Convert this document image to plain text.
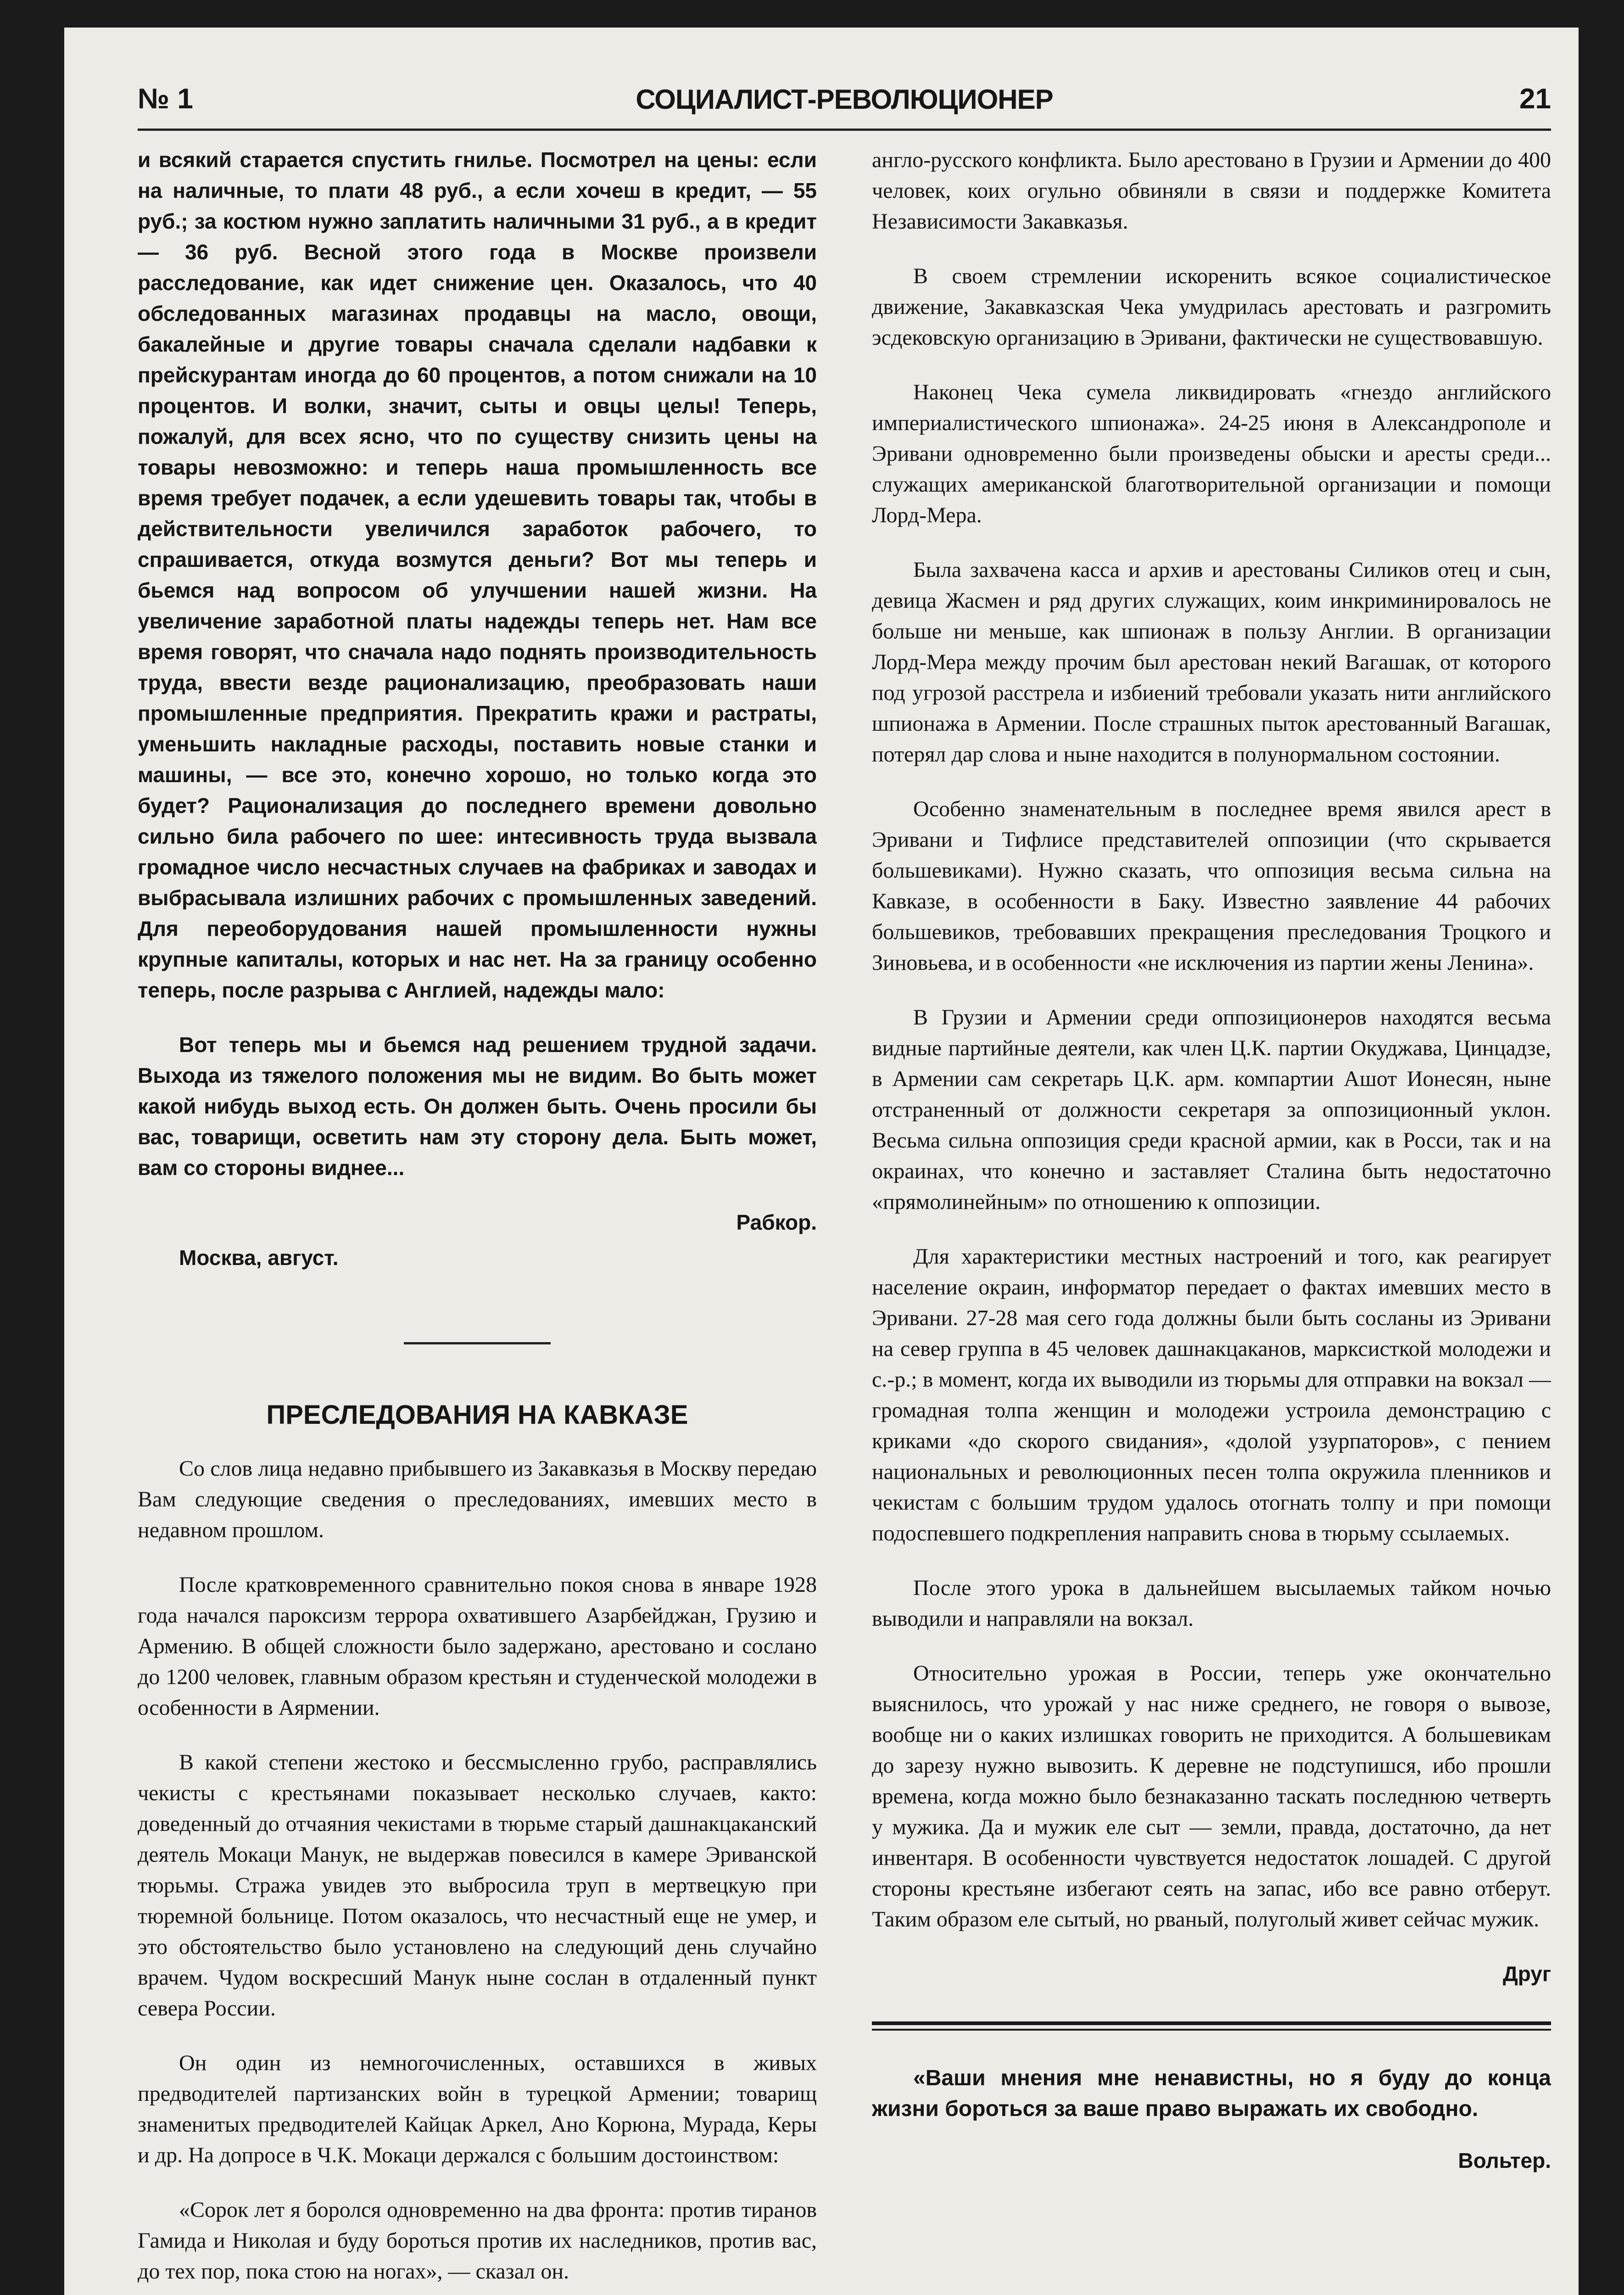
№ 1	СОЦИАЛИСТ-РЕВОЛЮЦИОНЕР	21

и всякий старается спустить гнилье. Посмотрел на цены: если на наличные, то плати 48 руб., а если хочеш в кредит, — 55 руб.; за костюм нужно заплатить наличными 31 руб., а в кредит — 36 руб. Весной этого года в Москве произвели расследование, как идет снижение цен. Оказалось, что 40 обследованных магазинах продавцы на масло, овощи, бакалейные и другие товары сначала сделали надбавки к прейскурантам иногда до 60 процентов, а потом снижали на 10 процентов. И волки, значит, сыты и овцы целы! Теперь, пожалуй, для всех ясно, что по существу снизить цены на товары невозможно: и теперь наша промышленность все время требует подачек, а если удешевить товары так, чтобы в действительности увеличился заработок рабочего, то спрашивается, откуда возмутся деньги? Вот мы теперь и бьемся над вопросом об улучшении нашей жизни. На увеличение заработной платы надежды теперь нет. Нам все время говорят, что сначала надо поднять производительность труда, ввести везде рационализацию, преобразовать наши промышленные предприятия. Прекратить кражи и растраты, уменьшить накладные расходы, поставить новые станки и машины, — все это, конечно хорошо, но только когда это будет? Рационализация до последнего времени довольно сильно била рабочего по шее: интесивность труда вызвала громадное число несчастных случаев на фабриках и заводах и выбрасывала излишних рабочих с промышленных заведений. Для переоборудования нашей промышленности нужны крупные капиталы, которых и нас нет. На за границу особенно теперь, после разрыва с Англией, надежды мало:

Вот теперь мы и бьемся над решением трудной задачи. Выхода из тяжелого положения мы не видим. Во быть может какой нибудь выход есть. Он должен быть. Очень просили бы вас, товарищи, осветить нам эту сторону дела. Быть может, вам со стороны виднее...

Рабкор.
Москва, август.
ПРЕСЛЕДОВАНИЯ НА КАВКАЗЕ

Со слов лица недавно прибывшего из Закавказья в Москву передаю Вам следующие сведения о преследованиях, имевших место в недавном прошлом.

После кратковременного сравнительно покоя снова в январе 1928 года начался пароксизм террора охватившего Азарбейджан, Грузию и Армению. В общей сложности было задержано, арестовано и сослано до 1200 человек, главным образом крестьян и студенческой молодежи в особенности в Аярмении.

В какой степени жестоко и бессмысленно грубо, расправлялись чекисты с крестьянами показывает несколько случаев, както: доведенный до отчаяния чекистами в тюрьме старый дашнакцаканский деятель Мокаци Манук, не выдержав повесился в камере Эриванской тюрьмы. Стража увидев это выбросила труп в мертвецкую при тюремной больнице. Потом оказалось, что несчастный еще не умер, и это обстоятельство было установлено на следующий день случайно врачем. Чудом воскресший Манук ныне сослан в отдаленный пункт севера России.

Он один из немногочисленных, оставшихся в живых предводителей партизанских войн в турецкой Армении; товарищ знаменитых предводителей Кайцак Аркел, Ано Корюна, Мурада, Керы и др. На допросе в Ч.К. Мокаци держался с большим достоинством:

«Сорок лет я боролся одновременно на два фронта: против тиранов Гамида и Николая и буду бороться против их наследников, против вас, до тех пор, пока стою на ногах», — сказал он.

англо-русского конфликта. Было арестовано в Грузии и Армении до 400 человек, коих огульно обвиняли в связи и поддержке Комитета Независимости Закавказья.

В своем стремлении искоренить всякое социалистическое движение, Закавказская Чека умудрилась арестовать и разгромить эсдековскую организацию в Эривани, фактически не существовавшую.

Наконец Чека сумела ликвидировать «гнездо английского империалистического шпионажа». 24-25 июня в Александрополе и Эривани одновременно были произведены обыски и аресты среди... служащих американской благотворительной организации и помощи Лорд-Мера.

Была захвачена касса и архив и арестованы Силиков отец и сын, девица Жасмен и ряд других служащих, коим инкриминировалось не больше ни меньше, как шпионаж в пользу Англии. В организации Лорд-Мера между прочим был арестован некий Вагашак, от которого под угрозой расстрела и избиений требовали указать нити английского шпионажа в Армении. После страшных пыток арестованный Вагашак, потерял дар слова и ныне находится в полунормальном состоянии.

Особенно знаменательным в последнее время явился арест в Эривани и Тифлисе представителей оппозиции (что скрывается большевиками). Нужно сказать, что оппозиция весьма сильна на Кавказе, в особенности в Баку. Известно заявление 44 рабочих большевиков, требовавших прекращения преследования Троцкого и Зиновьева, и в особенности «не исключения из партии жены Ленина».

В Грузии и Армении среди оппозиционеров находятся весьма видные партийные деятели, как член Ц.К. партии Окуджава, Цинцадзе, в Армении сам секретарь Ц.К. арм. компартии Ашот Ионесян, ныне отстраненный от должности секретаря за оппозиционный уклон. Весьма сильна оппозиция среди красной армии, как в Росси, так и на окраинах, что конечно и заставляет Сталина быть недостаточно «прямолинейным» по отношению к оппозиции.

Для характеристики местных настроений и того, как реагирует население окраин, информатор передает о фактах имевших место в Эривани. 27-28 мая сего года должны были быть сосланы из Эривани на север группа в 45 человек дашнакцаканов, марксисткой молодежи и с.-р.; в момент, когда их выводили из тюрьмы для отправки на вокзал — громадная толпа женщин и молодежи устроила демонстрацию с криками «до скорого свидания», «долой узурпаторов», с пением национальных и революционных песен толпа окружила пленников и чекистам с большим трудом удалось отогнать толпу и при помощи подоспевшего подкрепления направить снова в тюрьму ссылаемых.

После этого урока в дальнейшем высылаемых тайком ночью выводили и направляли на вокзал.

Относительно урожая в России, теперь уже окончательно выяснилось, что урожай у нас ниже среднего, не говоря о вывозе, вообще ни о каких излишках говорить не приходится. А большевикам до зарезу нужно вывозить. К деревне не подступишся, ибо прошли времена, когда можно было безнаказанно таскать последнюю четверть у мужика. Да и мужик еле сыт — земли, правда, достаточно, да нет инвентаря. В особенности чувствуется недостаток лошадей. С другой стороны крестьяне избегают сеять на запас, ибо все равно отберут. Таким образом еле сытый, но рваный, полуголый живет сейчас мужик.

Друг

«Ваши мнения мне ненавистны, но я буду до конца жизни бороться за ваше право выражать их свободно.

Вольтер.
